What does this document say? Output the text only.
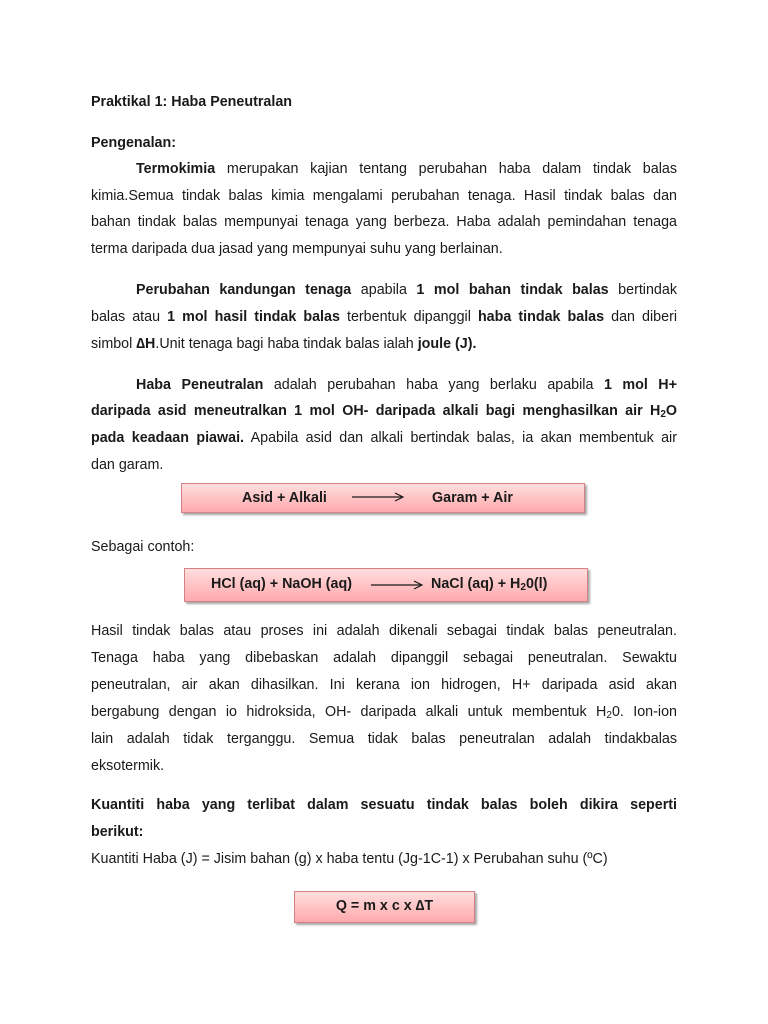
Praktikal 1: Haba Peneutralan
Pengenalan:
Termokimia merupakan kajian tentang perubahan haba dalam tindak balas
kimia.Semua tindak balas kimia mengalami perubahan tenaga. Hasil tindak balas dan
bahan tindak balas mempunyai tenaga yang berbeza. Haba adalah pemindahan tenaga
terma daripada dua jasad yang mempunyai suhu yang berlainan.
Perubahan kandungan tenaga apabila 1 mol bahan tindak balas bertindak
balas atau 1 mol hasil tindak balas terbentuk dipanggil haba tindak balas dan diberi
simbol ∆H.Unit tenaga bagi haba tindak balas ialah joule (J).
Haba Peneutralan adalah perubahan haba yang berlaku apabila 1 mol H+
daripada asid meneutralkan 1 mol OH- daripada alkali bagi menghasilkan air $H_2O$
pada keadaan piawai. Apabila asid dan alkali bertindak balas, ia akan membentuk air
dan garam.
Asid + Alkali	Garam + Air
Sebagai contoh:
HCl (aq) + NaOH (aq)	NaCl $(aq) + H_20(l)$
Hasil tindak balas atau proses ini adalah dikenali sebagai tindak balas peneutralan.
Tenaga haba yang dibebaskan adalah dipanggil sebagai peneutralan. Sewaktu
peneutralan, air akan dihasilkan. Ini kerana ion hidrogen, H+ daripada asid akan
bergabung dengan io hidroksida, OH- daripada alkali untuk membentuk $H_20$. Ion-ion
lain adalah tidak terganggu. Semua tidak balas peneutralan adalah tindakbalas
eksotermik.
Kuantiti haba yang terlibat dalam sesuatu tindak balas boleh dikira seperti
berikut:
Kuantiti Haba (J) = Jisim bahan (g) x haba tentu (Jg-1C-1) x Perubahan suhu (ºC)
Q = m x c x ∆T
